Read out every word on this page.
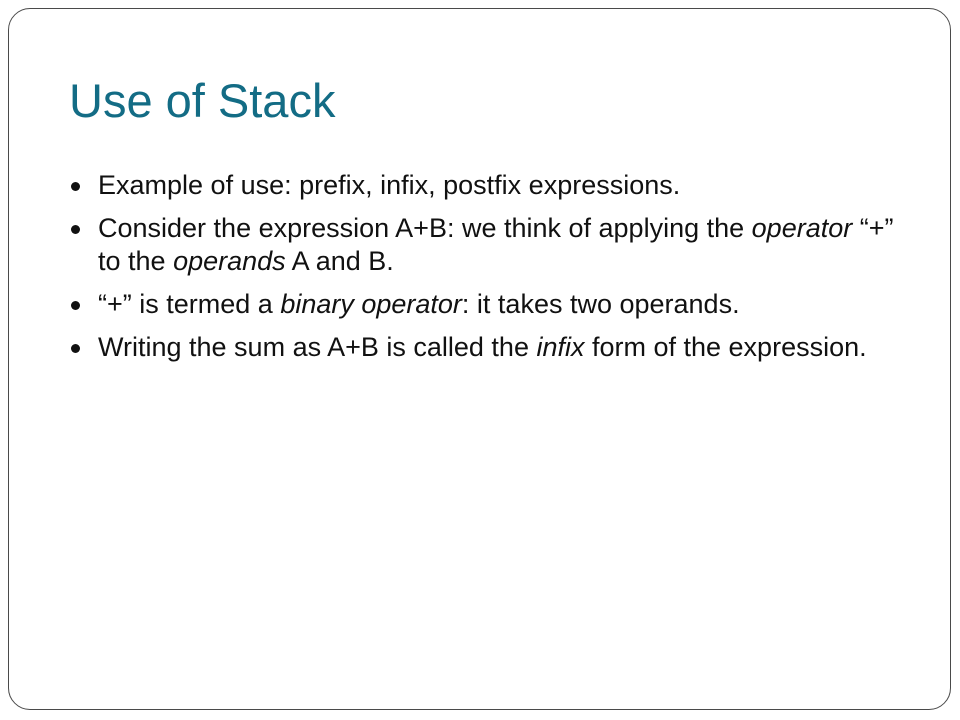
Use of Stack
Example of use: prefix, infix, postfix expressions.
Consider the expression A+B: we think of applying the operator “+” to the operands A and B.
“+” is termed a binary operator: it takes two operands.
Writing the sum as A+B is called the infix form of the expression.
